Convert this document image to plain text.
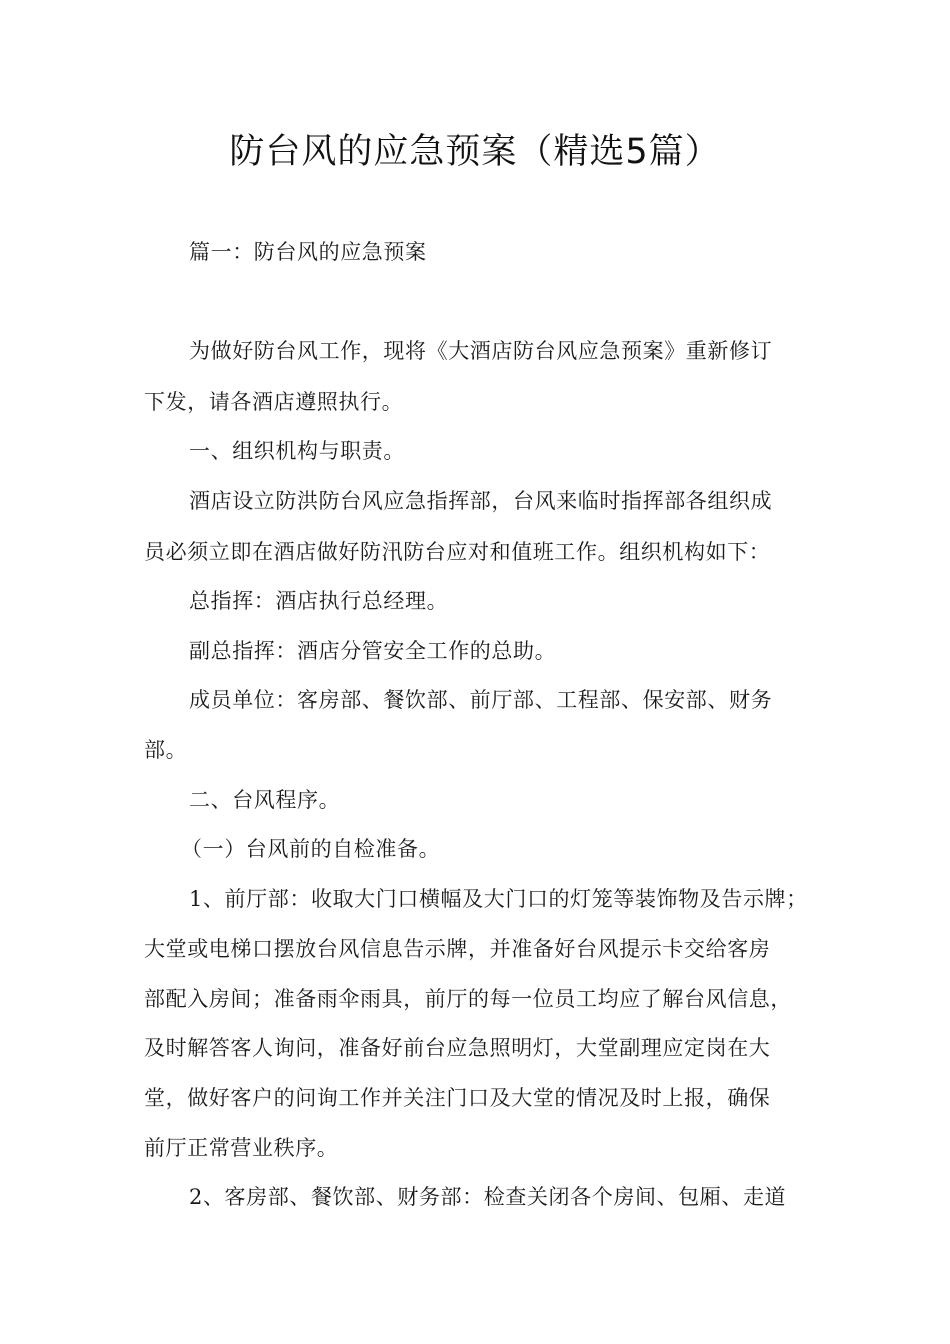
防台风的应急预案（精选5篇）
篇一：防台风的应急预案
为做好防台风工作，现将《大酒店防台风应急预案》重新修订
下发，请各酒店遵照执行。
一、组织机构与职责。
酒店设立防洪防台风应急指挥部，台风来临时指挥部各组织成
员必须立即在酒店做好防汛防台应对和值班工作。组织机构如下：
总指挥：酒店执行总经理。
副总指挥：酒店分管安全工作的总助。
成员单位：客房部、餐饮部、前厅部、工程部、保安部、财务
部。
二、台风程序。
（一）台风前的自检准备。
1、前厅部：收取大门口横幅及大门口的灯笼等装饰物及告示牌；
大堂或电梯口摆放台风信息告示牌，并准备好台风提示卡交给客房
部配入房间；准备雨伞雨具，前厅的每一位员工均应了解台风信息，
及时解答客人询问，准备好前台应急照明灯，大堂副理应定岗在大
堂，做好客户的问询工作并关注门口及大堂的情况及时上报，确保
前厅正常营业秩序。
2、客房部、餐饮部、财务部：检查关闭各个房间、包厢、走道
